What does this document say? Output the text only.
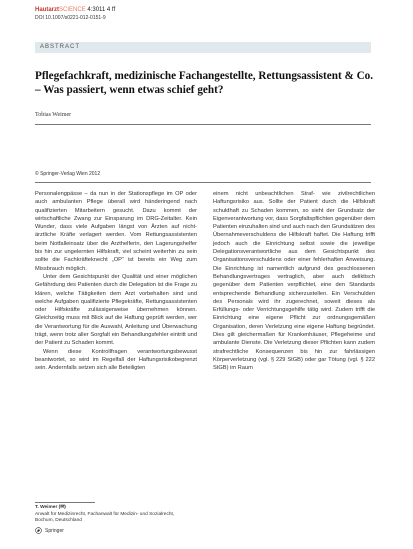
HautarztSCIENCE 4:3011 4 ff
DOI 10.1007/s0221-012-0151-9
ABSTRACT
Pflegefachkraft, medizinische Fachangestellte, Rettungsassistent & Co. – Was passiert, wenn etwas schief geht?
Tobias Weimer
© Springer-Verlag Wien 2012

Personalengpässe – da nun in der Stationspflege im OP oder auch ambulanten Pflege überall wird händeringend nach qualifizierten Mitarbeitern gesucht. Dazu kommt der wirtschaftliche Zwang zur Einsparung im DRG-Zeitalter. Kein Wunder, dass viele Aufgaben längst von Ärzten auf nicht-ärztliche Kräfte verlagert werden. Vom Rettungsassistenten beim Notfalleinsatz über die Arzthelferin, den Lagerungshelfer bis hin zur ungelernten Hilfskraft, viel scheint weiterhin zu sein sollte die Fachkräfteknecht „OP“ ist bereits ein Weg zum Missbrauch möglich.

Unter dem Gesichtspunkt der Qualität und einer möglichen Gefährdung des Patienten durch die Delegation ist die Frage zu klären, welche Tätigkeiten dem Arzt vorbehalten sind und welche Aufgaben qualifizierte Pflegekräfte, Rettungsassistenten oder Hilfskräfte zulässigerweise übernehmen können. Gleichzeitig muss mit Blick auf die Haftung geprüft werden, wer die Verantwortung für die Auswahl, Anleitung und Überwachung trägt, wenn trotz aller Sorgfalt ein Behandlungsfehler eintritt und der Patient zu Schaden kommt.

Wenn diese Kontrollfragen verantwortungsbewusst beantwortet, so wird im Regelfall der Haftungsrisikobegrenzt sein. Andernfalls setzen sich alle Beteiligten

einem nicht unbeachtlichen Straf- wie zivilrechtlichen Haftungsrisiko aus. Sollte der Patient durch die Hilfskraft schuldhaft zu Schaden kommen, so sieht der Grundsatz der Eigenverantwortung vor, dass Sorgfaltspflichten gegenüber dem Patienten einzuhalten sind und auch nach den Grundsätzen des Übernahmeverschuldens die Hilfskraft haftet. Die Haftung trifft jedoch auch die Einrichtung selbst sowie die jeweilige Delegationsverantwortliche aus dem Gesichtspunkt des Organisationsverschuldens oder einer fehlerhaften Anweisung. Die Einrichtung ist namentlich aufgrund des geschlossenen Behandlungsvertrages vertraglich, aber auch deliktisch gegenüber dem Patienten verpflichtet, eine den Standards entsprechende Behandlung sicherzustellen. Ein Verschulden des Personals wird ihr zugerechnet, soweit dieses als Erfüllungs- oder Verrichtungsgehilfe tätig wird. Zudem trifft die Einrichtung eine eigene Pflicht zur ordnungsgemäßen Organisation, deren Verletzung eine eigene Haftung begründet. Dies gilt gleichermaßen für Krankenhäuser, Pflegeheime und ambulante Dienste. Die Verletzung dieser Pflichten kann zudem strafrechtliche Konsequenzen bis hin zur fahrlässigen Körperverletzung (vgl. § 229 StGB) oder gar Tötung (vgl. § 222 StGB) im Raum

T. Weimer (✉)
Anwalt für Medizinrecht, Fachanwalt für Medizin- und Sozialrecht,
Bochum, Deutschland
Springer
